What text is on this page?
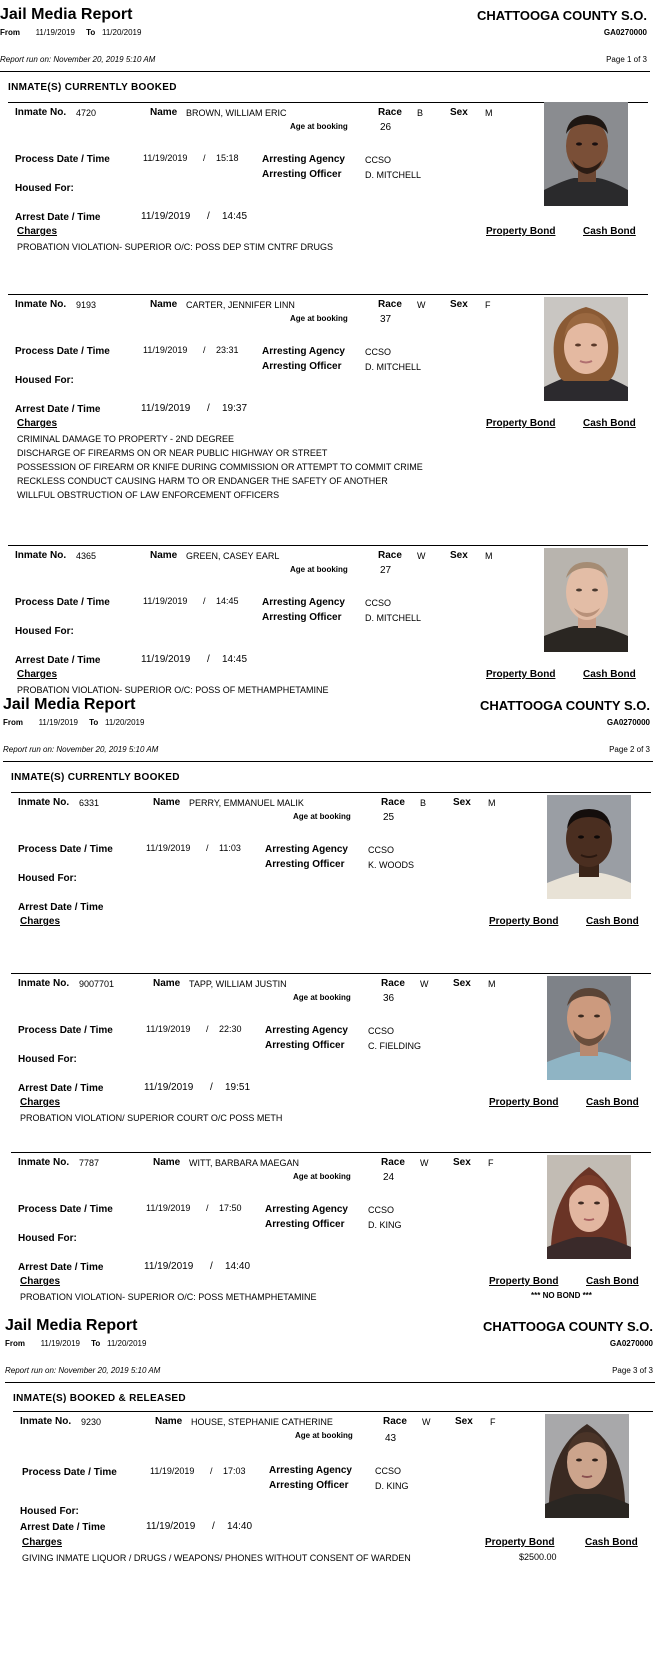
Jail Media Report	CHATTOOGA COUNTY S.O.
From 11/19/2019 To 11/20/2019	GA0270000
Report run on: November 20, 2019 5:10 AM	Page 1 of 3
INMATE(S) CURRENTLY BOOKED
Inmate No. 4720	Name BROWN, WILLIAM ERIC	Race B	Sex M
Age at booking	26
Process Date / Time	11/19/2019 / 15:18 Arresting Agency CCSO
Arresting Officer	D. MITCHELL
Housed For:
Arrest Date / Time	11/19/2019 / 14:45
Charges	Property Bond	Cash Bond
PROBATION VIOLATION- SUPERIOR O/C: POSS DEP STIM CNTRF DRUGS
Inmate No. 9193	Name CARTER, JENNIFER LINN	Race W Sex F
Age at booking	37
Process Date / Time	11/19/2019 / 23:31 Arresting Agency CCSO
Arresting Officer	D. MITCHELL
Housed For:
Arrest Date / Time	11/19/2019 / 19:37
Charges	Property Bond	Cash Bond
CRIMINAL DAMAGE TO PROPERTY - 2ND DEGREE
DISCHARGE OF FIREARMS ON OR NEAR PUBLIC HIGHWAY OR STREET
POSSESSION OF FIREARM OR KNIFE DURING COMMISSION OR ATTEMPT TO COMMIT CRIME
RECKLESS CONDUCT CAUSING HARM TO OR ENDANGER THE SAFETY OF ANOTHER
WILLFUL OBSTRUCTION OF LAW ENFORCEMENT OFFICERS
Inmate No. 4365	Name GREEN, CASEY EARL	Race W Sex M
Age at booking	27
Process Date / Time	11/19/2019 / 14:45 Arresting Agency CCSO
Arresting Officer	D. MITCHELL
Housed For:
Arrest Date / Time	11/19/2019 / 14:45
Charges	Property Bond	Cash Bond
PROBATION VIOLATION- SUPERIOR O/C: POSS OF METHAMPHETAMINE
Jail Media Report	CHATTOOGA COUNTY S.O.
From 11/19/2019 To 11/20/2019	GA0270000
Report run on: November 20, 2019 5:10 AM	Page 2 of 3
INMATE(S) CURRENTLY BOOKED
Inmate No. 6331	Name PERRY, EMMANUEL MALIK	Race B	Sex M
Age at booking	25
Process Date / Time	11/19/2019 / 11:03 Arresting Agency CCSO
Arresting Officer	K. WOODS
Housed For:
Arrest Date / Time
Charges	Property Bond	Cash Bond
Inmate No. 9007701	Name TAPP, WILLIAM JUSTIN	Race W Sex M
Age at booking	36
Process Date / Time	11/19/2019 / 22:30 Arresting Agency CCSO
Arresting Officer	C. FIELDING
Housed For:
Arrest Date / Time	11/19/2019 / 19:51
Charges	Property Bond	Cash Bond
PROBATION VIOLATION/ SUPERIOR COURT O/C POSS METH
Inmate No. 7787	Name WITT, BARBARA MAEGAN	Race W Sex F
Age at booking	24
Process Date / Time	11/19/2019 / 17:50 Arresting Agency CCSO
Arresting Officer	D. KING
Housed For:
Arrest Date / Time	11/19/2019 / 14:40
Charges	Property Bond	Cash Bond
PROBATION VIOLATION- SUPERIOR O/C: POSS METHAMPHETAMINE	*** NO BOND ***
Jail Media Report	CHATTOOGA COUNTY S.O.
From 11/19/2019 To 11/20/2019	GA0270000
Report run on: November 20, 2019 5:10 AM	Page 3 of 3
INMATE(S) BOOKED & RELEASED
Inmate No. 9230	Name HOUSE, STEPHANIE CATHERINE	Race W Sex F
Age at booking	43
Process Date / Time	11/19/2019 / 17:03 Arresting Agency	CCSO
Arresting Officer	D. KING
Housed For:
Arrest Date / Time	11/19/2019 / 14:40
Charges	Property Bond	Cash Bond
GIVING INMATE LIQUOR / DRUGS / WEAPONS/ PHONES WITHOUT CONSENT OF WARDEN	$2500.00
